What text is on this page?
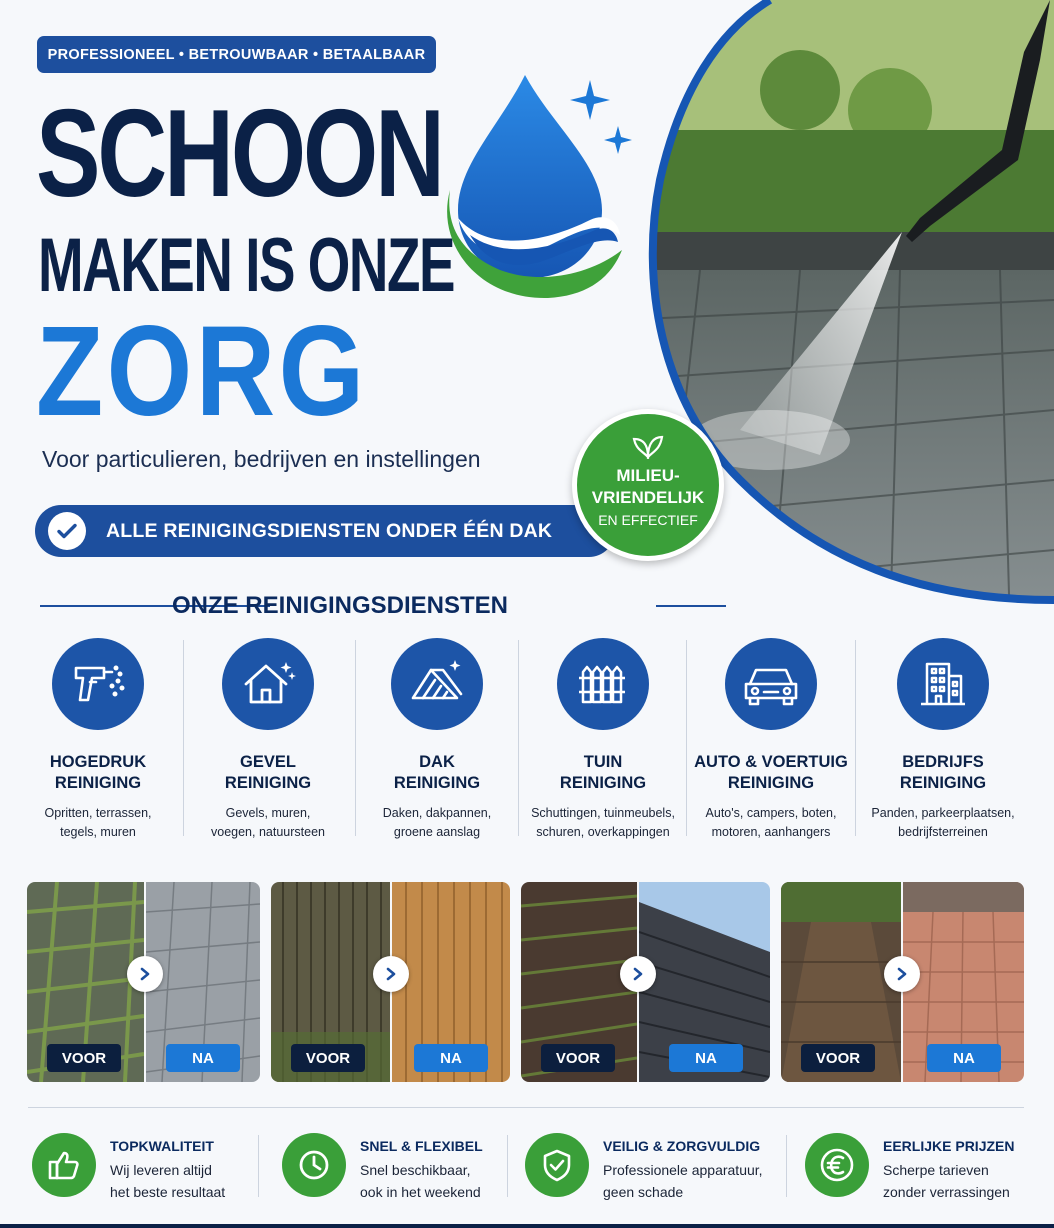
PROFESSIONEEL • BETROUWBAAR • BETAALBAAR
SCHOON
MAKEN IS ONZE
ZORG
Voor particulieren, bedrijven en instellingen
ALLE REINIGINGSDIENSTEN ONDER ÉÉN DAK
MILIEU-
VRIENDELIJK
EN EFFECTIEF
ONZE REINIGINGSDIENSTEN
HOGEDRUK
REINIGING
Opritten, terrassen,
tegels, muren
GEVEL
REINIGING
Gevels, muren,
voegen, natuursteen
DAK
REINIGING
Daken, dakpannen,
groene aanslag
TUIN
REINIGING
Schuttingen, tuinmeubels,
schuren, overkappingen
AUTO & VOERTUIG
REINIGING
Auto's, campers, boten,
motoren, aanhangers
BEDRIJFS
REINIGING
Panden, parkeerplaatsen,
bedrijfsterreinen
VOOR	NA	VOOR	NA	VOOR	NA	VOOR	NA
TOPKWALITEIT
Wij leveren altijd
het beste resultaat
SNEL & FLEXIBEL
Snel beschikbaar,
ook in het weekend
VEILIG & ZORGVULDIG
Professionele apparatuur,
geen schade
EERLIJKE PRIJZEN
Scherpe tarieven
zonder verrassingen
